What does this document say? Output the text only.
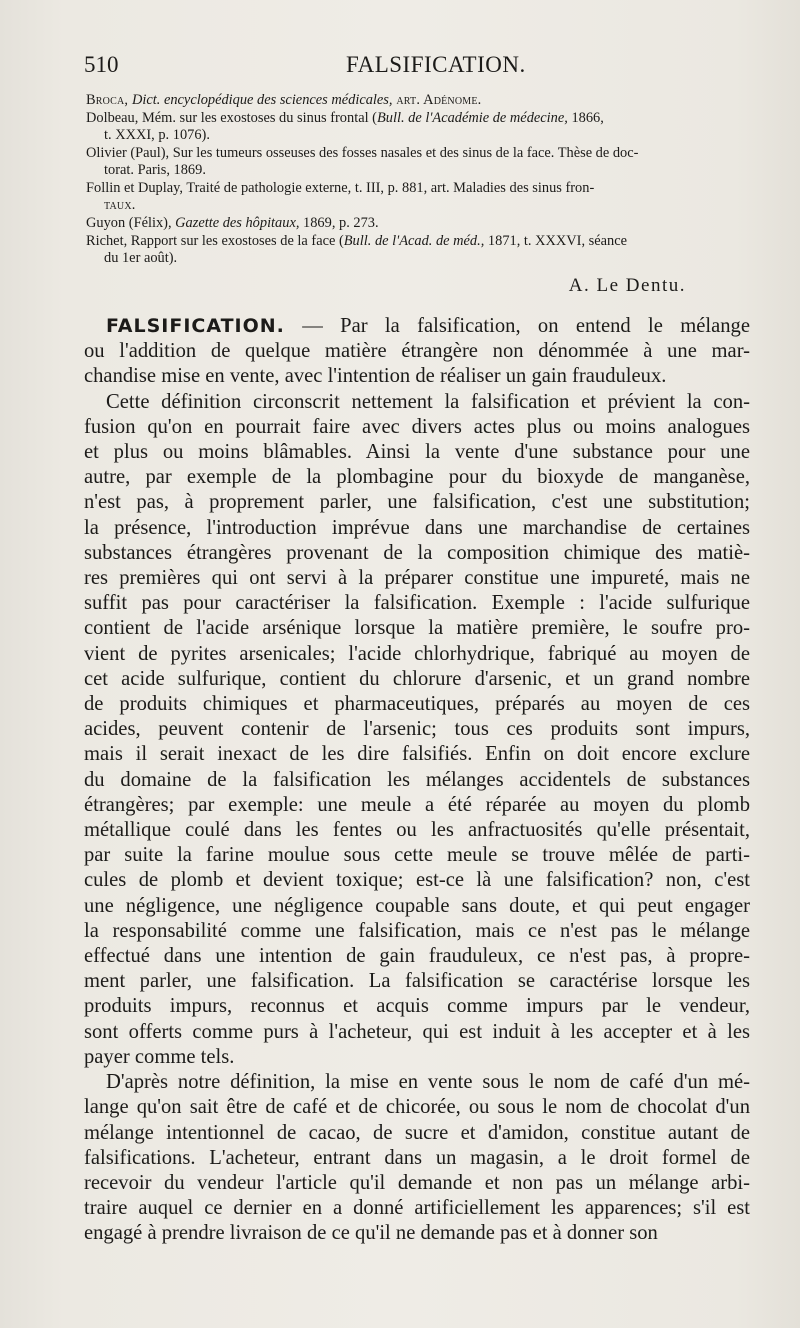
510	FALSIFICATION.
Broca, Dict. encyclopédique des sciences médicales, art. Adénome.
Dolbeau, Mém. sur les exostoses du sinus frontal (Bull. de l'Académie de médecine, 1866,
t. XXXI, p. 1076).
Olivier (Paul), Sur les tumeurs osseuses des fosses nasales et des sinus de la face. Thèse de doc-
torat. Paris, 1869.
Follin et Duplay, Traité de pathologie externe, t. III, p. 881, art. Maladies des sinus fron-
taux.
Guyon (Félix), Gazette des hôpitaux, 1869, p. 273.
Richet, Rapport sur les exostoses de la face (Bull. de l'Acad. de méd., 1871, t. XXXVI, séance
du 1er août).
A. Le Dentu.
FALSIFICATION. — Par la falsification, on entend le mélange
ou l'addition de quelque matière étrangère non dénommée à une mar-
chandise mise en vente, avec l'intention de réaliser un gain frauduleux.
Cette définition circonscrit nettement la falsification et prévient la con-
fusion qu'on en pourrait faire avec divers actes plus ou moins analogues
et plus ou moins blâmables. Ainsi la vente d'une substance pour une
autre, par exemple de la plombagine pour du bioxyde de manganèse,
n'est pas, à proprement parler, une falsification, c'est une substitution;
la présence, l'introduction imprévue dans une marchandise de certaines
substances étrangères provenant de la composition chimique des matiè-
res premières qui ont servi à la préparer constitue une impureté, mais ne
suffit pas pour caractériser la falsification. Exemple : l'acide sulfurique
contient de l'acide arsénique lorsque la matière première, le soufre pro-
vient de pyrites arsenicales; l'acide chlorhydrique, fabriqué au moyen de
cet acide sulfurique, contient du chlorure d'arsenic, et un grand nombre
de produits chimiques et pharmaceutiques, préparés au moyen de ces
acides, peuvent contenir de l'arsenic; tous ces produits sont impurs,
mais il serait inexact de les dire falsifiés. Enfin on doit encore exclure
du domaine de la falsification les mélanges accidentels de substances
étrangères; par exemple: une meule a été réparée au moyen du plomb
métallique coulé dans les fentes ou les anfractuosités qu'elle présentait,
par suite la farine moulue sous cette meule se trouve mêlée de parti-
cules de plomb et devient toxique; est-ce là une falsification? non, c'est
une négligence, une négligence coupable sans doute, et qui peut engager
la responsabilité comme une falsification, mais ce n'est pas le mélange
effectué dans une intention de gain frauduleux, ce n'est pas, à propre-
ment parler, une falsification. La falsification se caractérise lorsque les
produits impurs, reconnus et acquis comme impurs par le vendeur,
sont offerts comme purs à l'acheteur, qui est induit à les accepter et à les
payer comme tels.
D'après notre définition, la mise en vente sous le nom de café d'un mé-
lange qu'on sait être de café et de chicorée, ou sous le nom de chocolat d'un
mélange intentionnel de cacao, de sucre et d'amidon, constitue autant de
falsifications. L'acheteur, entrant dans un magasin, a le droit formel de
recevoir du vendeur l'article qu'il demande et non pas un mélange arbi-
traire auquel ce dernier en a donné artificiellement les apparences; s'il est
engagé à prendre livraison de ce qu'il ne demande pas et à donner son
